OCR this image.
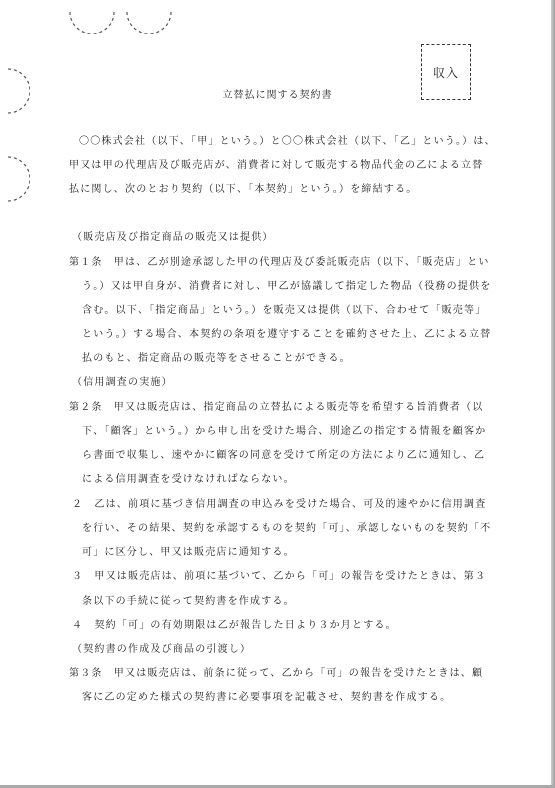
収入
立替払に関する契約書
〇〇株式会社（以下、「甲」という。）と〇〇株式会社（以下、「乙」という。）は、
甲又は甲の代理店及び販売店が、消費者に対して販売する物品代金の乙による立替
払に関し、次のとおり契約（以下、「本契約」という。）を締結する。
（販売店及び指定商品の販売又は提供）
第１条　甲は、乙が別途承認した甲の代理店及び委託販売店（以下、「販売店」とい
う。）又は甲自身が、消費者に対し、甲乙が協議して指定した物品（役務の提供を
含む。以下、「指定商品」という。）を販売又は提供（以下、合わせて「販売等」
という。）する場合、本契約の条項を遵守することを確約させた上、乙による立替
払のもと、指定商品の販売等をさせることができる。
（信用調査の実施）
第２条　甲又は販売店は、指定商品の立替払による販売等を希望する旨消費者（以
下、「顧客」という。）から申し出を受けた場合、別途乙の指定する情報を顧客か
ら書面で収集し、速やかに顧客の同意を受けて所定の方法により乙に通知し、乙
による信用調査を受けなければならない。
２　乙は、前項に基づき信用調査の申込みを受けた場合、可及的速やかに信用調査
を行い、その結果、契約を承認するものを契約「可」、承認しないものを契約「不
可」に区分し、甲又は販売店に通知する。
３　甲又は販売店は、前項に基づいて、乙から「可」の報告を受けたときは、第３
条以下の手続に従って契約書を作成する。
４　契約「可」の有効期限は乙が報告した日より３か月とする。
（契約書の作成及び商品の引渡し）
第３条　甲又は販売店は、前条に従って、乙から「可」の報告を受けたときは、顧
客に乙の定めた様式の契約書に必要事項を記載させ、契約書を作成する。
